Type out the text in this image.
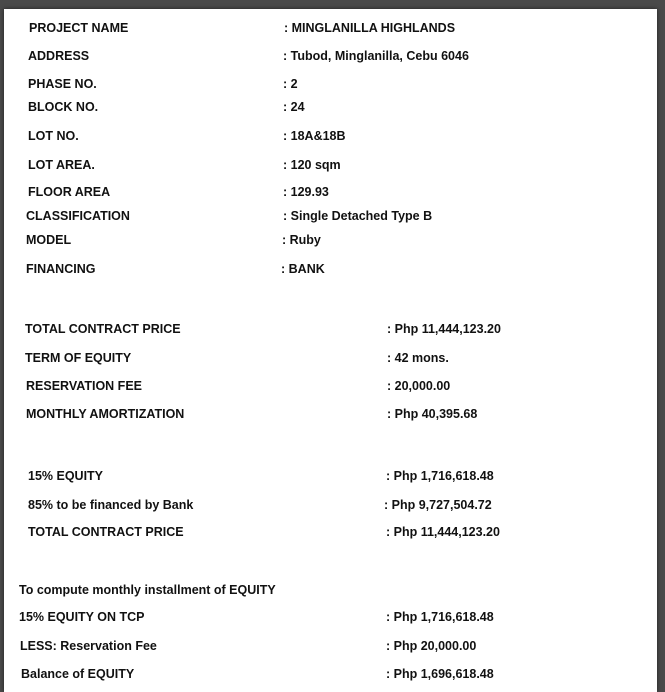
PROJECT NAME	: MINGLANILLA HIGHLANDS
ADDRESS	: Tubod, Minglanilla, Cebu 6046
PHASE NO.	: 2
BLOCK NO.	: 24
LOT NO.	: 18A&18B
LOT AREA.	: 120 sqm
FLOOR AREA	: 129.93
CLASSIFICATION	: Single Detached Type B
MODEL	: Ruby
FINANCING	: BANK
TOTAL CONTRACT PRICE	: Php 11,444,123.20
TERM OF EQUITY	: 42 mons.
RESERVATION FEE	: 20,000.00
MONTHLY AMORTIZATION	: Php 40,395.68
15% EQUITY	: Php 1,716,618.48
85% to be financed by Bank	: Php 9,727,504.72
TOTAL CONTRACT PRICE	: Php 11,444,123.20
To compute monthly installment of EQUITY
15% EQUITY ON TCP	: Php 1,716,618.48
LESS: Reservation Fee	: Php 20,000.00
Balance of EQUITY	: Php 1,696,618.48
